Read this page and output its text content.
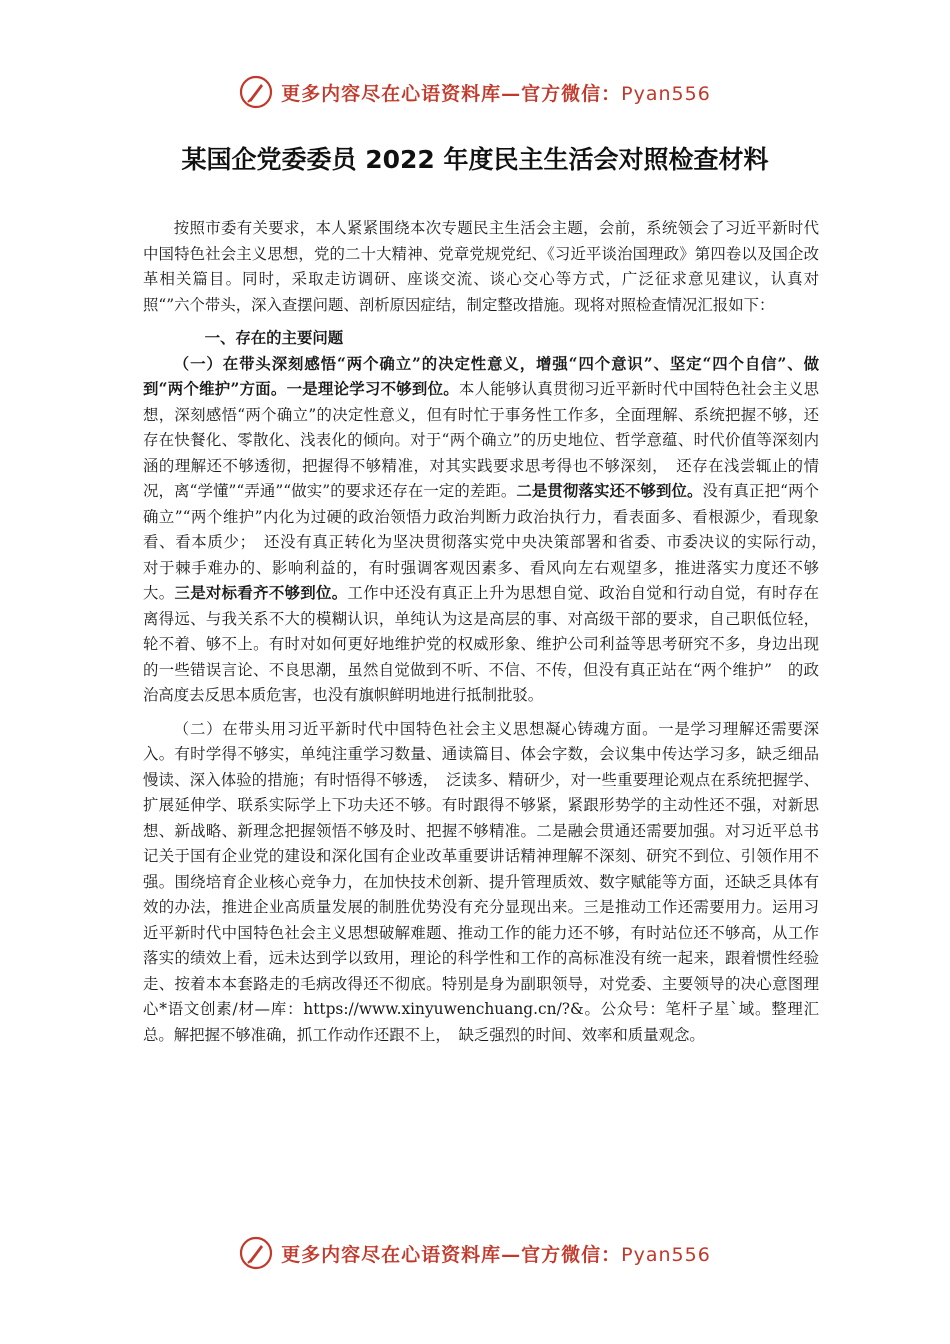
更多内容尽在心语资料库—官方微信：Pyan556
某国企党委委员 2022 年度民主生活会对照检查材料

按照市委有关要求，本人紧紧围绕本次专题民主生活会主题，会前，系统领会了习近平新时代中国特色社会主义思想，党的二十大精神、党章党规党纪、《习近平谈治国理政》第四卷以及国企改革相关篇目。同时，采取走访调研、座谈交流、谈心交心等方式，广泛征求意见建议，认真对照“”六个带头，深入查摆问题、剖析原因症结，制定整改措施。现将对照检查情况汇报如下：

一、存在的主要问题

（一）在带头深刻感悟“两个确立”的决定性意义，增强“四个意识”、坚定“四个自信”、做到“两个维护”方面。一是理论学习不够到位。本人能够认真贯彻习近平新时代中国特色社会主义思想，深刻感悟“两个确立”的决定性意义，但有时忙于事务性工作多，全面理解、系统把握不够，还存在快餐化、零散化、浅表化的倾向。对于“两个确立”的历史地位、哲学意蕴、时代价值等深刻内涵的理解还不够透彻，把握得不够精准，对其实践要求思考得也不够深刻，　还存在浅尝辄止的情况，离“学懂”“弄通”“做实”的要求还存在一定的差距。二是贯彻落实还不够到位。没有真正把“两个确立”“两个维护”内化为过硬的政治领悟力政治判断力政治执行力，看表面多、看根源少，看现象看、看本质少；　还没有真正转化为坚决贯彻落实党中央决策部署和省委、市委决议的实际行动，　对于棘手难办的、影响利益的，有时强调客观因素多、看风向左右观望多，推进落实力度还不够大。三是对标看齐不够到位。工作中还没有真正上升为思想自觉、政治自觉和行动自觉，有时存在离得远、与我关系不大的模糊认识，单纯认为这是高层的事、对高级干部的要求，自己职低位轻，轮不着、够不上。有时对如何更好地维护党的权威形象、维护公司利益等思考研究不多，身边出现的一些错误言论、不良思潮，虽然自觉做到不听、不信、不传，但没有真正站在“两个维护”　的政治高度去反思本质危害，也没有旗帜鲜明地进行抵制批驳。

（二）在带头用习近平新时代中国特色社会主义思想凝心铸魂方面。一是学习理解还需要深入。有时学得不够实，单纯注重学习数量、通读篇目、体会字数，会议集中传达学习多，缺乏细品慢读、深入体验的措施；有时悟得不够透，　泛读多、精研少，对一些重要理论观点在系统把握学、扩展延伸学、联系实际学上下功夫还不够。有时跟得不够紧，紧跟形势学的主动性还不强，对新思想、新战略、新理念把握领悟不够及时、把握不够精准。二是融会贯通还需要加强。对习近平总书记关于国有企业党的建设和深化国有企业改革重要讲话精神理解不深刻、研究不到位、引领作用不强。围绕培育企业核心竞争力，在加快技术创新、提升管理质效、数字赋能等方面，还缺乏具体有效的办法，推进企业高质量发展的制胜优势没有充分显现出来。三是推动工作还需要用力。运用习近平新时代中国特色社会主义思想破解难题、推动工作的能力还不够，有时站位还不够高，从工作落实的绩效上看，远未达到学以致用，理论的科学性和工作的高标准没有统一起来，跟着惯性经验走、按着本本套路走的毛病改得还不彻底。特别是身为副职领导，对党委、主要领导的决心意图理心*语文创素/材—库：https://www.xinyuwenchuang.cn/?&。公众号：笔杆子星`域。整理汇总。解把握不够准确，抓工作动作还跟不上，　缺乏强烈的时间、效率和质量观念。

更多内容尽在心语资料库—官方微信：Pyan556
